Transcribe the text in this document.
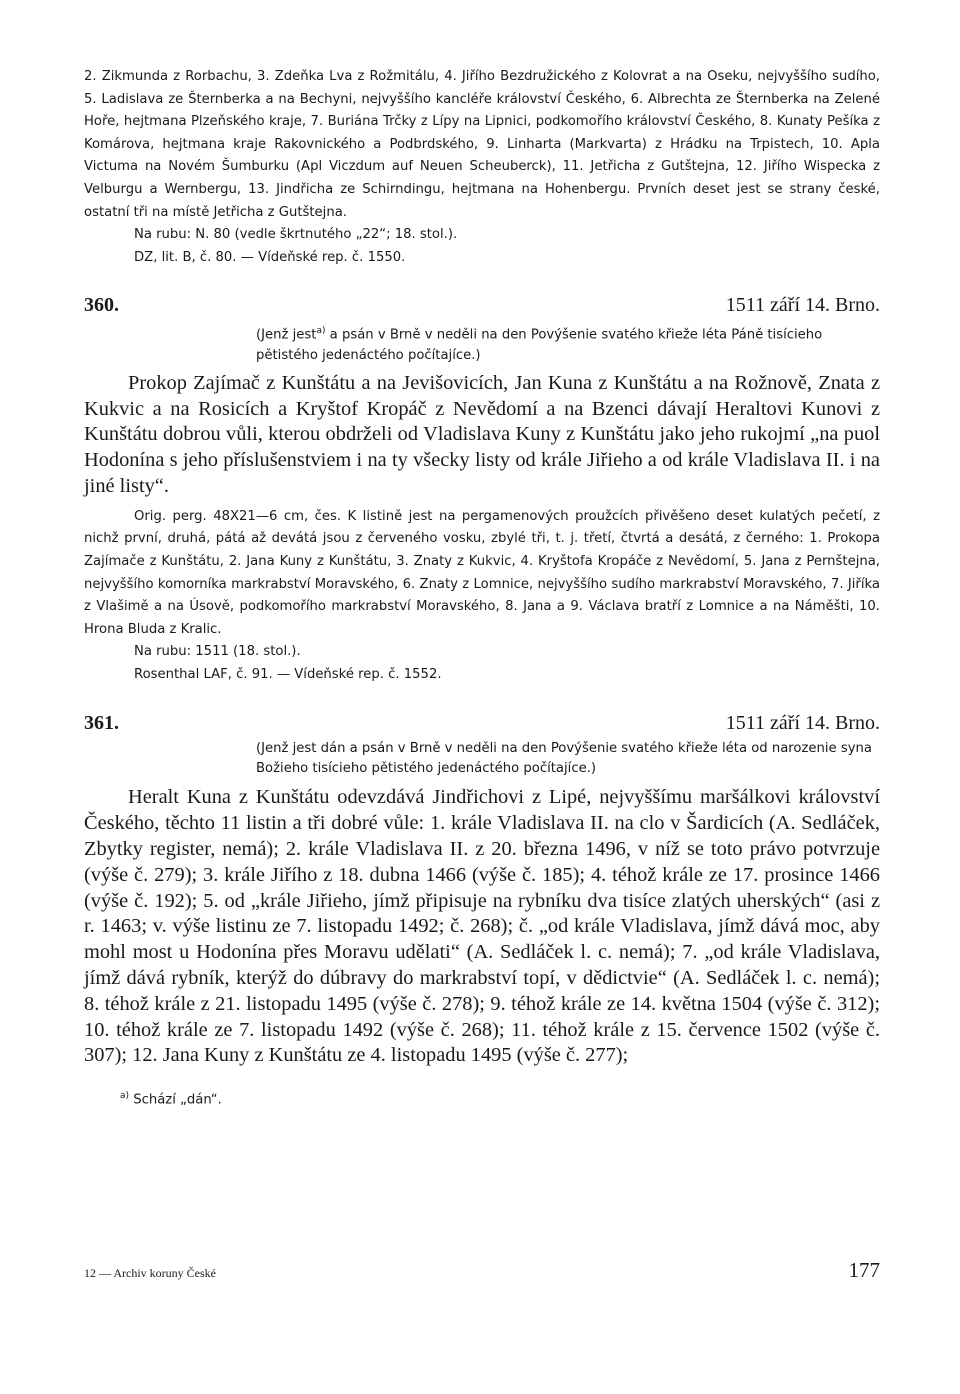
2. Zikmunda z Rorbachu, 3. Zdeňka Lva z Rožmitálu, 4. Jiřího Bezdružického z Kolovrat a na Oseku, nejvyššího sudího, 5. Ladislava ze Šternberka a na Bechyni, nejvyššího kancléře království Českého, 6. Albrechta ze Šternberka na Zelené Hoře, hejtmana Plzeňského kraje, 7. Buriána Trčky z Lípy na Lipnici, podkomořího království Českého, 8. Kunaty Pešíka z Komárova, hejtmana kraje Rakovnického a Podbrdského, 9. Linharta (Markvarta) z Hrádku na Trpistech, 10. Apla Victuma na Novém Šumburku (Apl Viczdum auf Neuen Scheuberck), 11. Jetřicha z Gutštejna, 12. Jiřího Wispecka z Velburgu a Wernbergu, 13. Jindřicha ze Schirndingu, hejtmana na Hohenbergu. Prvních deset jest se strany české, ostatní tři na místě Jetřicha z Gutštejna.

Na rubu: N. 80 (vedle škrtnutého „22“; 18. stol.).

DZ, lit. B, č. 80. — Vídeňské rep. č. 1550.

360.	1511 září 14. Brno.

(Jenž jest$^{a)}$ a psán v Brně v neděli na den Povýšenie svatého křieže léta Páně tisícieho pětistého jedenáctého počítajíce.)

Prokop Zajímač z Kunštátu a na Jevišovicích, Jan Kuna z Kunštátu a na Rožnově, Znata z Kukvic a na Rosicích a Kryštof Kropáč z Nevědomí a na Bzenci dávají Heraltovi Kunovi z Kunštátu dobrou vůli, kterou obdrželi od Vladislava Kuny z Kunštátu jako jeho rukojmí „na puol Hodonína s jeho příslušenstviem i na ty všecky listy od krále Jiřieho a od krále Vladislava II. i na jiné listy“.

Orig. perg. 48X21—6 cm, čes. K listině jest na pergamenových proužcích přivěšeno deset kulatých pečetí, z nichž první, druhá, pátá až devátá jsou z červeného vosku, zbylé tři, t. j. třetí, čtvrtá a desátá, z černého: 1. Prokopa Zajímače z Kunštátu, 2. Jana Kuny z Kunštátu, 3. Znaty z Kukvic, 4. Kryštofa Kropáče z Nevědomí, 5. Jana z Pernštejna, nejvyššího komorníka markrabství Moravského, 6. Znaty z Lomnice, nejvyššího sudího markrabství Moravského, 7. Jiříka z Vlašimě a na Úsově, podkomořího markrabství Moravského, 8. Jana a 9. Václava bratří z Lomnice a na Náměšti, 10. Hrona Bluda z Kralic.

Na rubu: 1511 (18. stol.).

Rosenthal LAF, č. 91. — Vídeňské rep. č. 1552.

361.	1511 září 14. Brno.

(Jenž jest dán a psán v Brně v neděli na den Povýšenie svatého křieže léta od narozenie syna Božieho tisícieho pětistého jedenáctého počítajíce.)

Heralt Kuna z Kunštátu odevzdává Jindřichovi z Lipé, nejvyššímu maršálkovi království Českého, těchto 11 listin a tři dobré vůle: 1. krále Vladislava II. na clo v Šardicích (A. Sedláček, Zbytky register, nemá); 2. krále Vladislava II. z 20. března 1496, v níž se toto právo potvrzuje (výše č. 279); 3. krále Jiřího z 18. dubna 1466 (výše č. 185); 4. téhož krále ze 17. prosince 1466 (výše č. 192); 5. od „krále Jiřieho, jímž připisuje na rybníku dva tisíce zlatých uherských“ (asi z r. 1463; v. výše listinu ze 7. listopadu 1492; č. 268); č. „od krále Vladislava, jímž dává moc, aby mohl most u Hodonína přes Moravu udělati“ (A. Sedláček l. c. nemá); 7. „od krále Vladislava, jímž dává rybník, kterýž do dúbravy do markrabství topí, v dědictvie“ (A. Sedláček l. c. nemá); 8. téhož krále z 21. listopadu 1495 (výše č. 278); 9. téhož krále ze 14. května 1504 (výše č. 312); 10. téhož krále ze 7. listopadu 1492 (výše č. 268); 11. téhož krále z 15. července 1502 (výše č. 307); 12. Jana Kuny z Kunštátu ze 4. listopadu 1495 (výše č. 277);

$^{a)}$ Schází „dán“.

12 — Archiv koruny České	177
